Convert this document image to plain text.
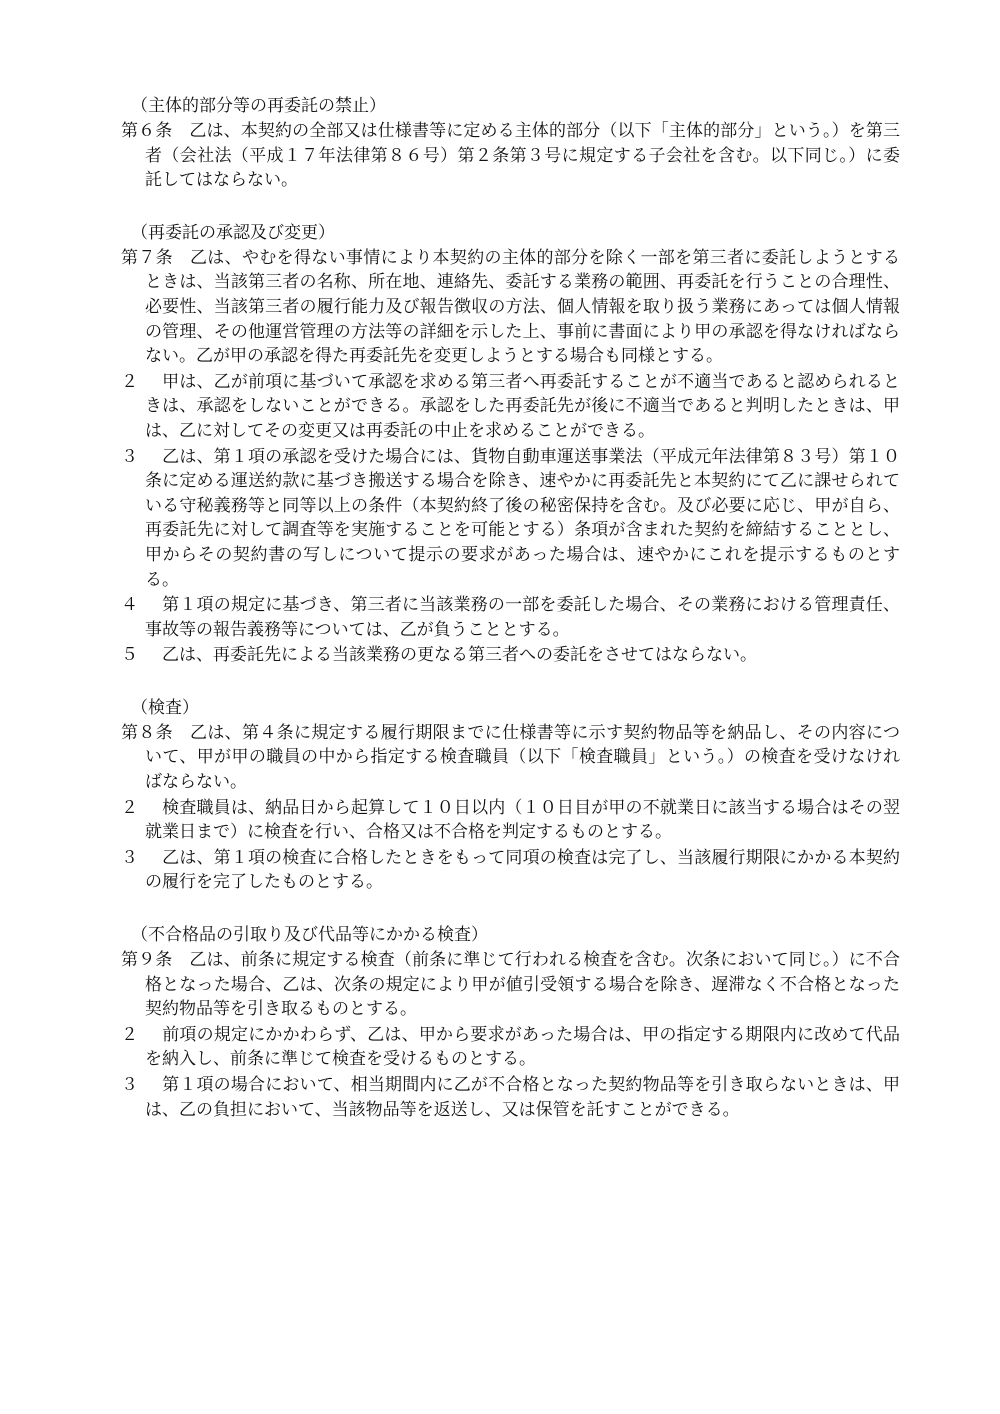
（主体的部分等の再委託の禁止）
第６条 乙は、本契約の全部又は仕様書等に定める主体的部分（以下「主体的部分」という。）を第三者（会社法（平成１７年法律第８６号）第２条第３号に規定する子会社を含む。以下同じ。）に委託してはならない。
（再委託の承認及び変更）
第７条 乙は、やむを得ない事情により本契約の主体的部分を除く一部を第三者に委託しようとするときは、当該第三者の名称、所在地、連絡先、委託する業務の範囲、再委託を行うことの合理性、必要性、当該第三者の履行能力及び報告徴収の方法、個人情報を取り扱う業務にあっては個人情報の管理、その他運営管理の方法等の詳細を示した上、事前に書面により甲の承認を得なければならない。乙が甲の承認を得た再委託先を変更しようとする場合も同様とする。
２ 甲は、乙が前項に基づいて承認を求める第三者へ再委託することが不適当であると認められるときは、承認をしないことができる。承認をした再委託先が後に不適当であると判明したときは、甲は、乙に対してその変更又は再委託の中止を求めることができる。
３ 乙は、第１項の承認を受けた場合には、貨物自動車運送事業法（平成元年法律第８３号）第１０条に定める運送約款に基づき搬送する場合を除き、速やかに再委託先と本契約にて乙に課せられている守秘義務等と同等以上の条件（本契約終了後の秘密保持を含む。及び必要に応じ、甲が自ら、再委託先に対して調査等を実施することを可能とする）条項が含まれた契約を締結することとし、甲からその契約書の写しについて提示の要求があった場合は、速やかにこれを提示するものとする。
４ 第１項の規定に基づき、第三者に当該業務の一部を委託した場合、その業務における管理責任、事故等の報告義務等については、乙が負うこととする。
５ 乙は、再委託先による当該業務の更なる第三者への委託をさせてはならない。
（検査）
第８条 乙は、第４条に規定する履行期限までに仕様書等に示す契約物品等を納品し、その内容について、甲が甲の職員の中から指定する検査職員（以下「検査職員」という。）の検査を受けなければならない。
２ 検査職員は、納品日から起算して１０日以内（１０日目が甲の不就業日に該当する場合はその翌就業日まで）に検査を行い、合格又は不合格を判定するものとする。
３ 乙は、第１項の検査に合格したときをもって同項の検査は完了し、当該履行期限にかかる本契約の履行を完了したものとする。
（不合格品の引取り及び代品等にかかる検査）
第９条 乙は、前条に規定する検査（前条に準じて行われる検査を含む。次条において同じ。）に不合格となった場合、乙は、次条の規定により甲が値引受領する場合を除き、遅滞なく不合格となった契約物品等を引き取るものとする。
２ 前項の規定にかかわらず、乙は、甲から要求があった場合は、甲の指定する期限内に改めて代品を納入し、前条に準じて検査を受けるものとする。
３ 第１項の場合において、相当期間内に乙が不合格となった契約物品等を引き取らないときは、甲は、乙の負担において、当該物品等を返送し、又は保管を託すことができる。
